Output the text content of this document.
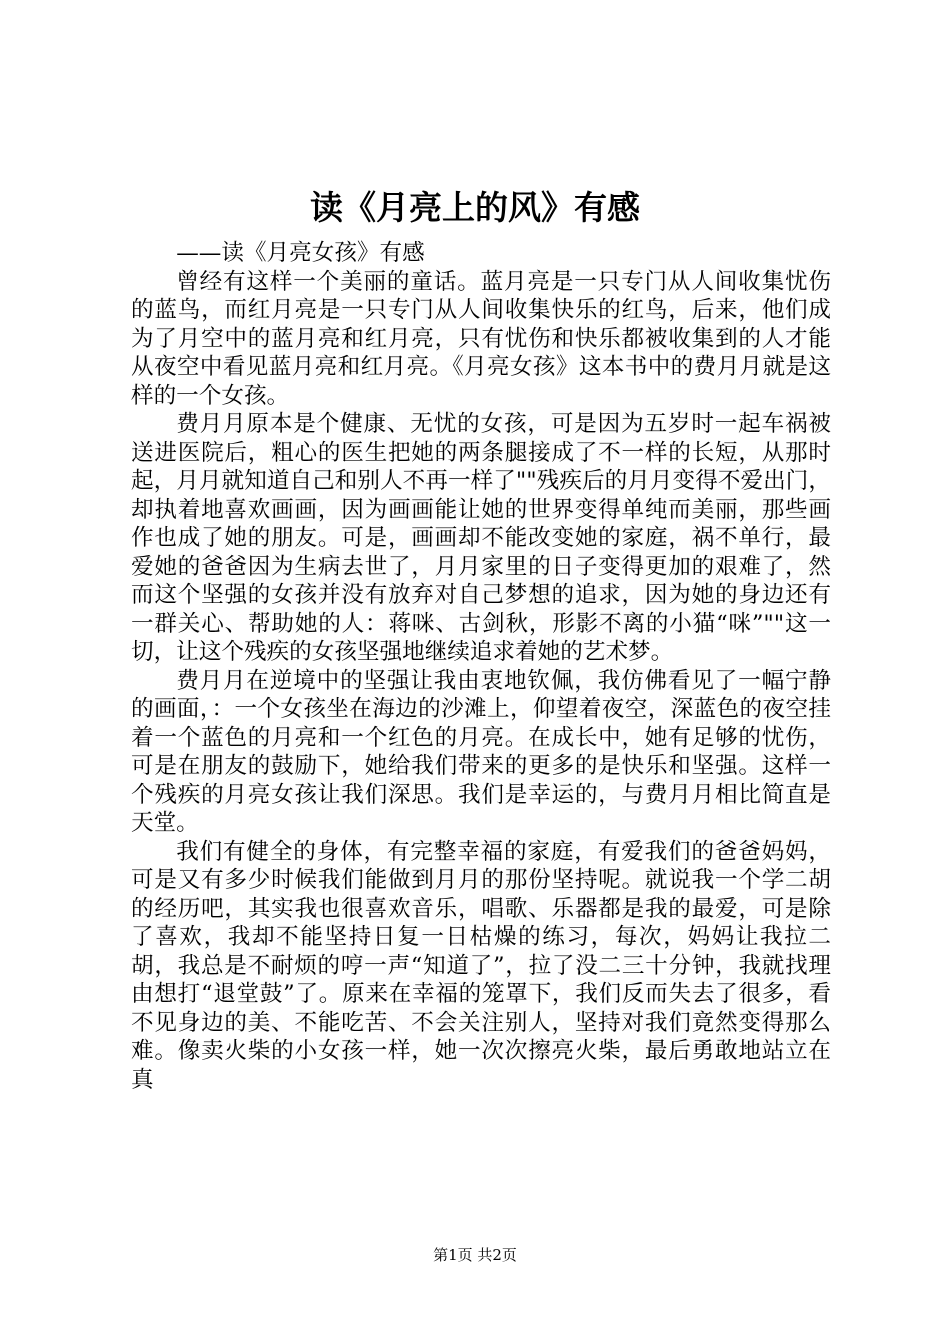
读《月亮上的风》有感

——读《月亮女孩》有感

曾经有这样一个美丽的童话。蓝月亮是一只专门从人间收集忧伤的蓝鸟，而红月亮是一只专门从人间收集快乐的红鸟，后来，他们成为了月空中的蓝月亮和红月亮，只有忧伤和快乐都被收集到的人才能从夜空中看见蓝月亮和红月亮。《月亮女孩》这本书中的费月月就是这样的一个女孩。

费月月原本是个健康、无忧的女孩，可是因为五岁时一起车祸被送进医院后，粗心的医生把她的两条腿接成了不一样的长短，从那时起，月月就知道自己和别人不再一样了""残疾后的月月变得不爱出门，却执着地喜欢画画，因为画画能让她的世界变得单纯而美丽，那些画作也成了她的朋友。可是，画画却不能改变她的家庭，祸不单行，最爱她的爸爸因为生病去世了，月月家里的日子变得更加的艰难了，然而这个坚强的女孩并没有放弃对自己梦想的追求，因为她的身边还有一群关心、帮助她的人：蒋咪、古剑秋，形影不离的小猫“咪”""这一切，让这个残疾的女孩坚强地继续追求着她的艺术梦。

费月月在逆境中的坚强让我由衷地钦佩，我仿佛看见了一幅宁静的画面，：一个女孩坐在海边的沙滩上，仰望着夜空，深蓝色的夜空挂着一个蓝色的月亮和一个红色的月亮。在成长中，她有足够的忧伤，可是在朋友的鼓励下，她给我们带来的更多的是快乐和坚强。这样一个残疾的月亮女孩让我们深思。我们是幸运的，与费月月相比简直是天堂。

我们有健全的身体，有完整幸福的家庭，有爱我们的爸爸妈妈，可是又有多少时候我们能做到月月的那份坚持呢。就说我一个学二胡的经历吧，其实我也很喜欢音乐，唱歌、乐器都是我的最爱，可是除了喜欢，我却不能坚持日复一日枯燥的练习，每次，妈妈让我拉二胡，我总是不耐烦的哼一声“知道了”，拉了没二三十分钟，我就找理由想打“退堂鼓”了。原来在幸福的笼罩下，我们反而失去了很多，看不见身边的美、不能吃苦、不会关注别人，坚持对我们竟然变得那么难。像卖火柴的小女孩一样，她一次次擦亮火柴，最后勇敢地站立在真

第1页 共2页
